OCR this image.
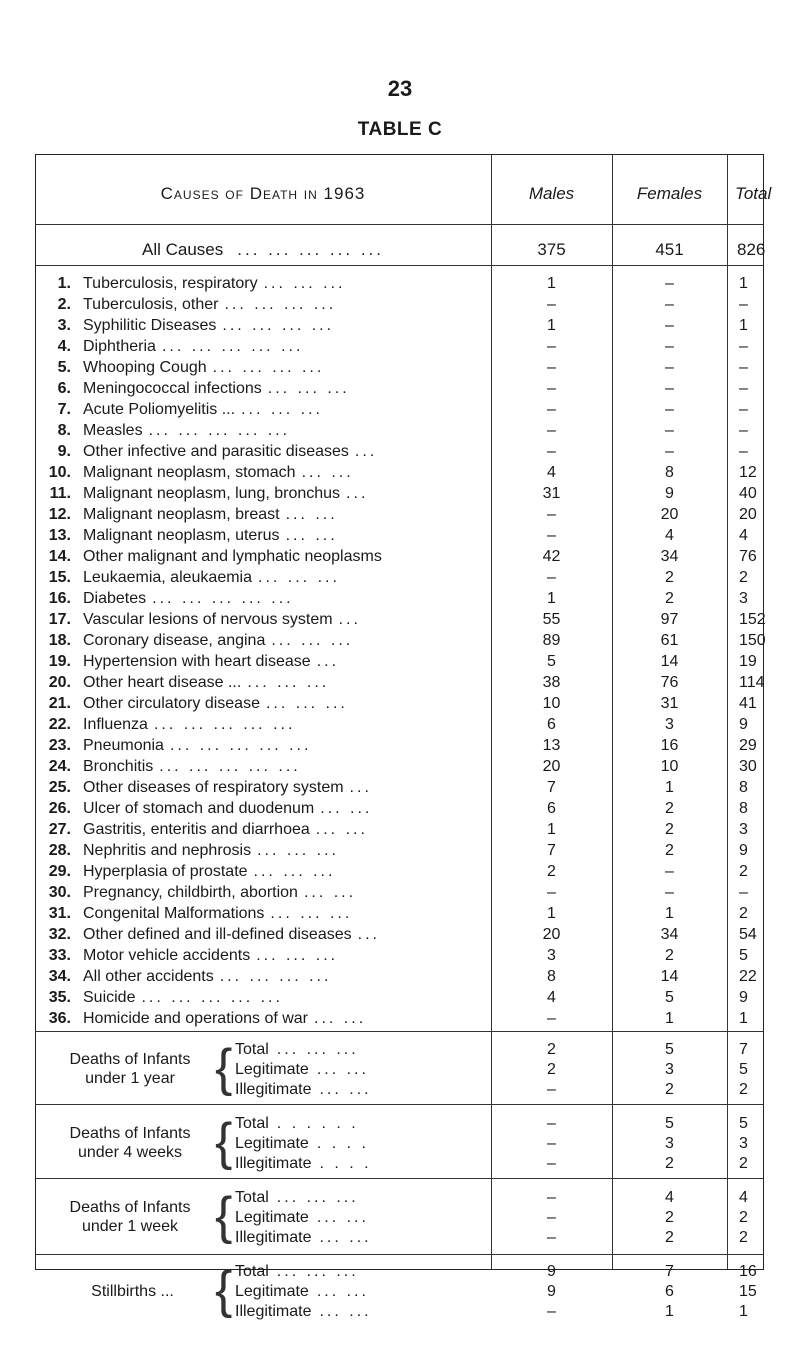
23
TABLE C
Causes of Death in 1963	Males	Females	Total
All Causes ... ... ... ... ...	375	451	826
1. Tuberculosis, respiratory ... ... ...	1	–	1
2. Tuberculosis, other ... ... ... ...	–	–	–
3. Syphilitic Diseases ... ... ... ...	1	–	1
4. Diphtheria ... ... ... ... ...	–	–	–
5. Whooping Cough ... ... ... ...	–	–	–
6. Meningococcal infections ... ... ...	–	–	–
7. Acute Poliomyelitis ... ... ... ...	–	–	–
8. Measles ... ... ... ... ...	–	–	–
9. Other infective and parasitic diseases ...	–	–	–
10. Malignant neoplasm, stomach ... ...	4	8	12
11. Malignant neoplasm, lung, bronchus ...	31	9	40
12. Malignant neoplasm, breast ... ...	–	20	20
13. Malignant neoplasm, uterus ... ...	–	4	4
14. Other malignant and lymphatic neoplasms	42	34	76
15. Leukaemia, aleukaemia ... ... ...	–	2	2
16. Diabetes ... ... ... ... ...	1	2	3
17. Vascular lesions of nervous system ...	55	97	152
18. Coronary disease, angina ... ... ...	89	61	150
19. Hypertension with heart disease ...	5	14	19
20. Other heart disease ... ... ... ...	38	76	114
21. Other circulatory disease ... ... ...	10	31	41
22. Influenza ... ... ... ... ...	6	3	9
23. Pneumonia ... ... ... ... ...	13	16	29
24. Bronchitis ... ... ... ... ...	20	10	30
25. Other diseases of respiratory system ...	7	1	8
26. Ulcer of stomach and duodenum ... ...	6	2	8
27. Gastritis, enteritis and diarrhoea ... ...	1	2	3
28. Nephritis and nephrosis ... ... ...	7	2	9
29. Hyperplasia of prostate ... ... ...	2	–	2
30. Pregnancy, childbirth, abortion ... ...	–	–	–
31. Congenital Malformations ... ... ...	1	1	2
32. Other defined and ill-defined diseases ...	20	34	54
33. Motor vehicle accidents ... ... ...	3	2	5
34. All other accidents ... ... ... ...	8	14	22
35. Suicide ... ... ... ... ...	4	5	9
36. Homicide and operations of war ... ...	–	1	1
Deaths of Infants
under 1 year { Total ... ... ...	2	5	7
Legitimate ... ...	2	3	5
Illegitimate ... ...	–	2	2
Deaths of Infants
under 4 weeks { Total . . . . . .	–	5	5
Legitimate . . . .	–	3	3
Illegitimate . . . .	–	2	2
Deaths of Infants
under 1 week { Total ... ... ...	–	4	4
Legitimate ... ...	–	2	2
Illegitimate ... ...	–	2	2
Stillbirths ... { Total ... ... ...	9	7	16
Legitimate ... ...	9	6	15
Illegitimate ... ...	–	1	1
